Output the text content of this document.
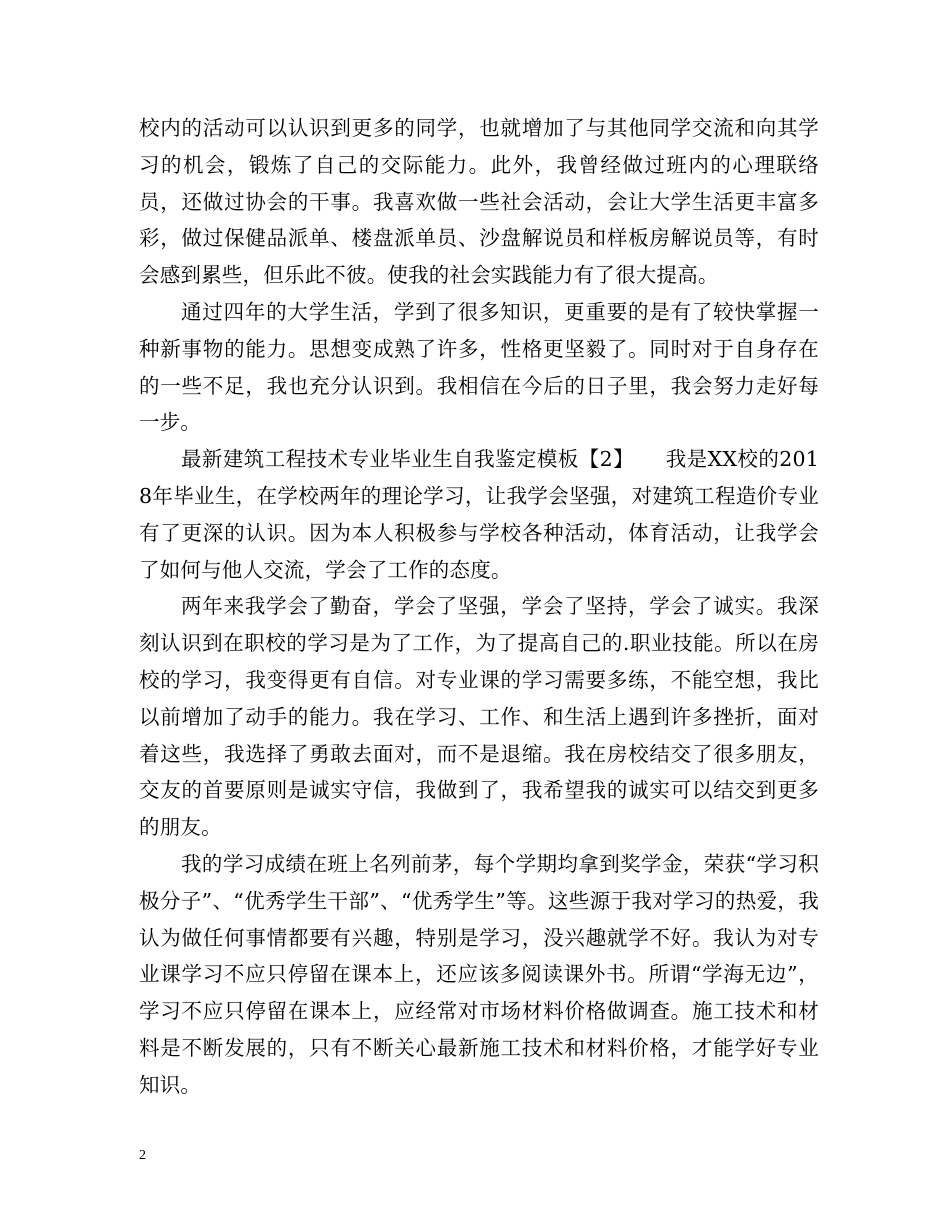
校内的活动可以认识到更多的同学，也就增加了与其他同学交流和向其学习的机会，锻炼了自己的交际能力。此外，我曾经做过班内的心理联络员，还做过协会的干事。我喜欢做一些社会活动，会让大学生活更丰富多彩，做过保健品派单、楼盘派单员、沙盘解说员和样板房解说员等，有时会感到累些，但乐此不彼。使我的社会实践能力有了很大提高。

通过四年的大学生活，学到了很多知识，更重要的是有了较快掌握一种新事物的能力。思想变成熟了许多，性格更坚毅了。同时对于自身存在的一些不足，我也充分认识到。我相信在今后的日子里，我会努力走好每一步。

最新建筑工程技术专业毕业生自我鉴定模板【2】　　我是XX校的2018年毕业生，在学校两年的理论学习，让我学会坚强，对建筑工程造价专业有了更深的认识。因为本人积极参与学校各种活动，体育活动，让我学会了如何与他人交流，学会了工作的态度。

两年来我学会了勤奋，学会了坚强，学会了坚持，学会了诚实。我深刻认识到在职校的学习是为了工作，为了提高自己的.职业技能。所以在房校的学习，我变得更有自信。对专业课的学习需要多练，不能空想，我比以前增加了动手的能力。我在学习、工作、和生活上遇到许多挫折，面对着这些，我选择了勇敢去面对，而不是退缩。我在房校结交了很多朋友，交友的首要原则是诚实守信，我做到了，我希望我的诚实可以结交到更多的朋友。

我的学习成绩在班上名列前茅，每个学期均拿到奖学金，荣获“学习积极分子”、“优秀学生干部”、“优秀学生”等。这些源于我对学习的热爱，我认为做任何事情都要有兴趣，特别是学习，没兴趣就学不好。我认为对专业课学习不应只停留在课本上，还应该多阅读课外书。所谓“学海无边”，学习不应只停留在课本上，应经常对市场材料价格做调查。施工技术和材料是不断发展的，只有不断关心最新施工技术和材料价格，才能学好专业知识。

2
